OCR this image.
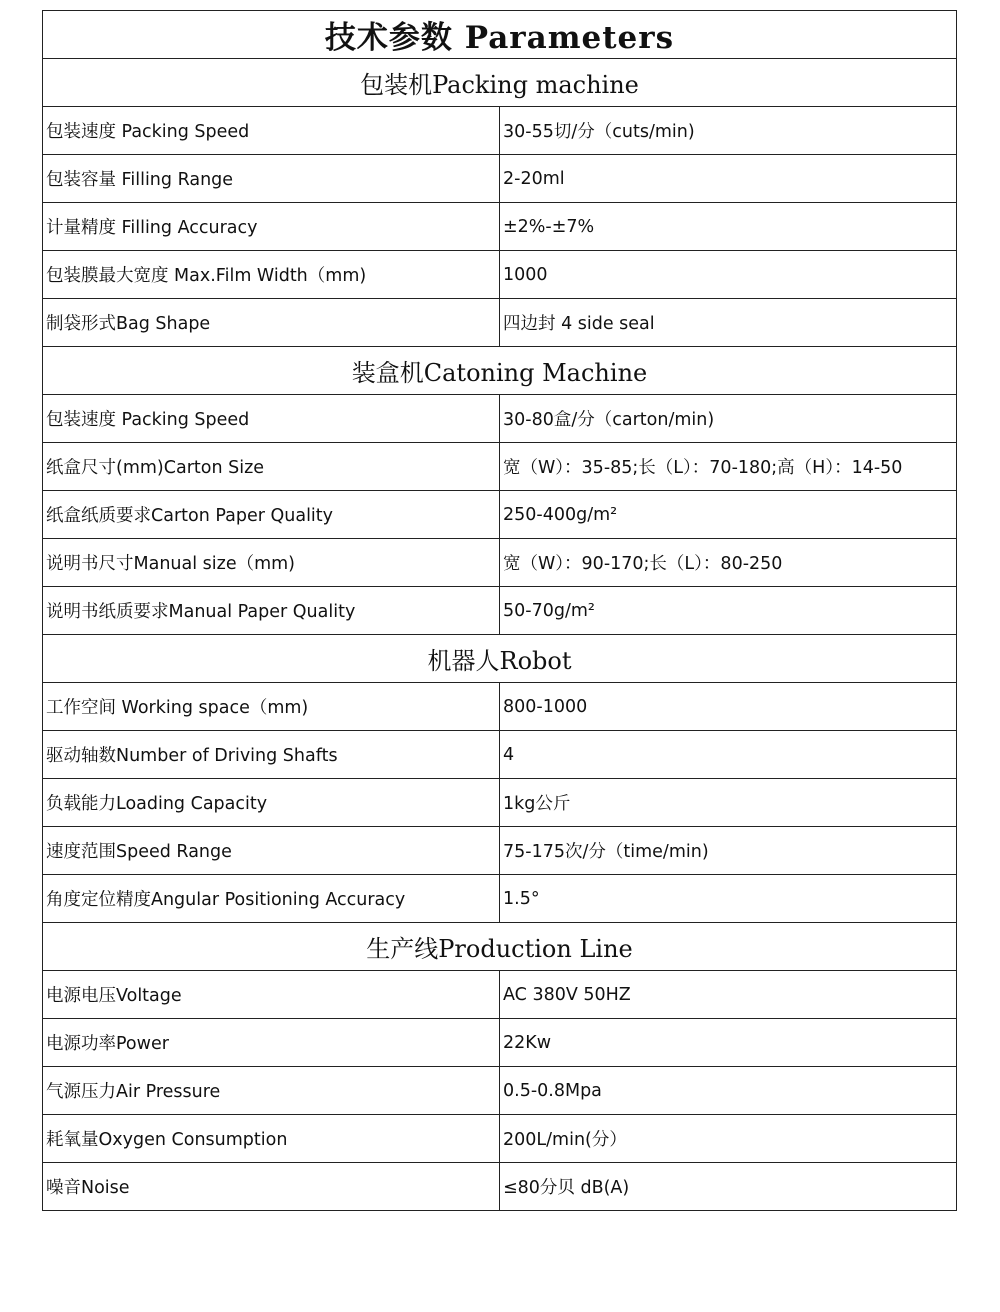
技术参数 Parameters	
包装机Packing machine	
包装速度 Packing Speed	30-55切/分（cuts/min)
包装容量 Filling Range	2-20ml
计量精度 Filling Accuracy	±2%-±7%
包装膜最大宽度 Max.Film Width（mm)	1000
制袋形式Bag Shape	四边封 4 side seal
装盒机Catoning Machine	
包装速度 Packing Speed	30-80盒/分（carton/min)
纸盒尺寸(mm)Carton Size	宽（W）：35-85;长（L）：70-180;高（H）：14-50
纸盒纸质要求Carton Paper Quality	250-400g/m²
说明书尺寸Manual size（mm)	宽（W）：90-170;长（L）：80-250
说明书纸质要求Manual Paper Quality	50-70g/m²
机器人Robot	
工作空间 Working space（mm)	800-1000
驱动轴数Number of Driving Shafts	4
负载能力Loading Capacity	1kg公斤
速度范围Speed Range	75-175次/分（time/min)
角度定位精度Angular Positioning Accuracy	1.5°
生产线Production Line	
电源电压Voltage	AC 380V 50HZ
电源功率Power	22Kw
气源压力Air Pressure	0.5-0.8Mpa
耗氧量Oxygen Consumption	200L/min(分）
噪音Noise	≤80分贝 dB(A)
